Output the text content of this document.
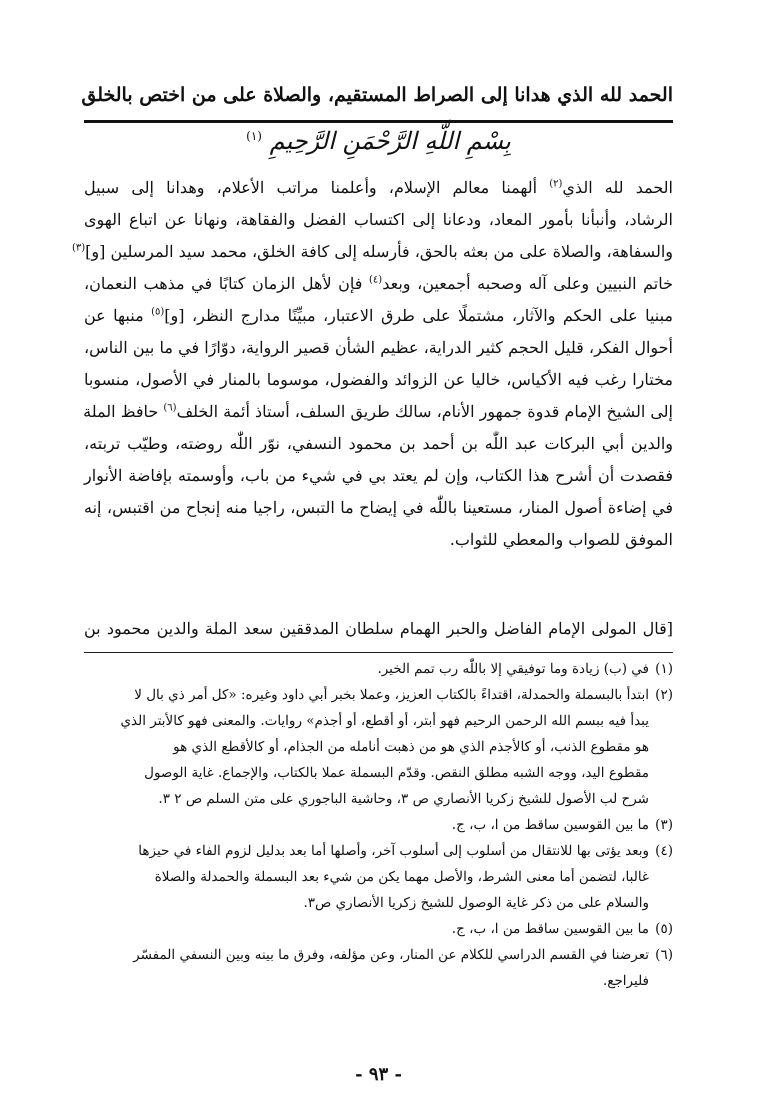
الحمد لله الذي هدانا إلى الصراط المستقيم، والصلاة على من اختص بالخلق
بِسْمِ اللَّهِ الرَّحْمَنِ الرَّحِيمِ $^{(١)}$
الحمد لله الذي$^{(٢)}$ ألهمنا معالم الإسلام، وأعلمنا مراتب الأعلام، وهدانا إلى سبيل
الرشاد، وأنبأنا بأمور المعاد، ودعانا إلى اكتساب الفضل والفقاهة، ونهانا عن اتباع الهوى
والسفاهة، والصلاة على من بعثه بالحق، فأرسله إلى كافة الخلق، محمد سيد المرسلين [و]$^{(٣)}$
خاتم النبيين وعلى آله وصحبه أجمعين، وبعد$^{(٤)}$ فإن لأهل الزمان كتابًا في مذهب النعمان،
مبنيا على الحكم والآثار، مشتملًا على طرق الاعتبار، مبيِّنًا مدارج النظر، [و]$^{(٥)}$ منبها عن
أحوال الفكر، قليل الحجم كثير الدراية، عظيم الشأن قصير الرواية، دوّارًا في ما بين الناس،
مختارا رغب فيه الأكياس، خاليا عن الزوائد والفضول، موسوما بالمنار في الأصول، منسوبا
إلى الشيخ الإمام قدوة جمهور الأنام، سالك طريق السلف، أستاذ أئمة الخلف$^{(٦)}$ حافظ الملة
والدين أبي البركات عبد اللّٰه بن أحمد بن محمود النسفي، نوّر اللّٰه روضته، وطيّب تربته،
فقصدت أن أشرح هذا الكتاب، وإن لم يعتد بي في شيء من باب، وأوسمته بإفاضة الأنوار
في إضاءة أصول المنار، مستعينا باللّٰه في إيضاح ما التبس، راجيا منه إنجاح من اقتبس، إنه
الموفق للصواب والمعطي للثواب.
[قال المولى الإمام الفاضل والحبر الهمام سلطان المدققين سعد الملة والدين محمود بن
(١)في (ب) زيادة وما توفيقي إلا باللّٰه رب تمم الخير.
(٢)ابتدأ بالبسملة والحمدلة، اقتداءً بالكتاب العزيز، وعملا بخبر أبي داود وغيره: «كل أمر ذي بال لا
يبدأ فيه ببسم الله الرحمن الرحيم فهو أبتر، أو أقطع، أو أجذم» روايات. والمعنى فهو كالأبتر الذي
هو مقطوع الذنب، أو كالأجذم الذي هو من ذهبت أنامله من الجذام، أو كالأقطع الذي هو
مقطوع اليد، ووجه الشبه مطلق النقص. وقدّم البسملة عملا بالكتاب، والإجماع. غاية الوصول
شرح لب الأصول للشيخ زكريا الأنصاري ص ٣، وحاشية الباجوري على متن السلم ص ٢ ٣.
(٣)ما بين القوسين ساقط من ا، ب، ج.
(٤)وبعد يؤتى بها للانتقال من أسلوب إلى أسلوب آخر، وأصلها أما بعد بدليل لزوم الفاء في حيزها
غالبا، لتضمن أما معنى الشرط، والأصل مهما يكن من شيء بعد البسملة والحمدلة والصلاة
والسلام على من ذكر غاية الوصول للشيخ زكريا الأنصاري ص٣.
(٥)ما بين القوسين ساقط من ا، ب، ج.
(٦)تعرضنا في القسم الدراسي للكلام عن المنار، وعن مؤلفه، وفرق ما بينه وبين النسفي المفسّر
فليراجع.
- ٩٣ -
